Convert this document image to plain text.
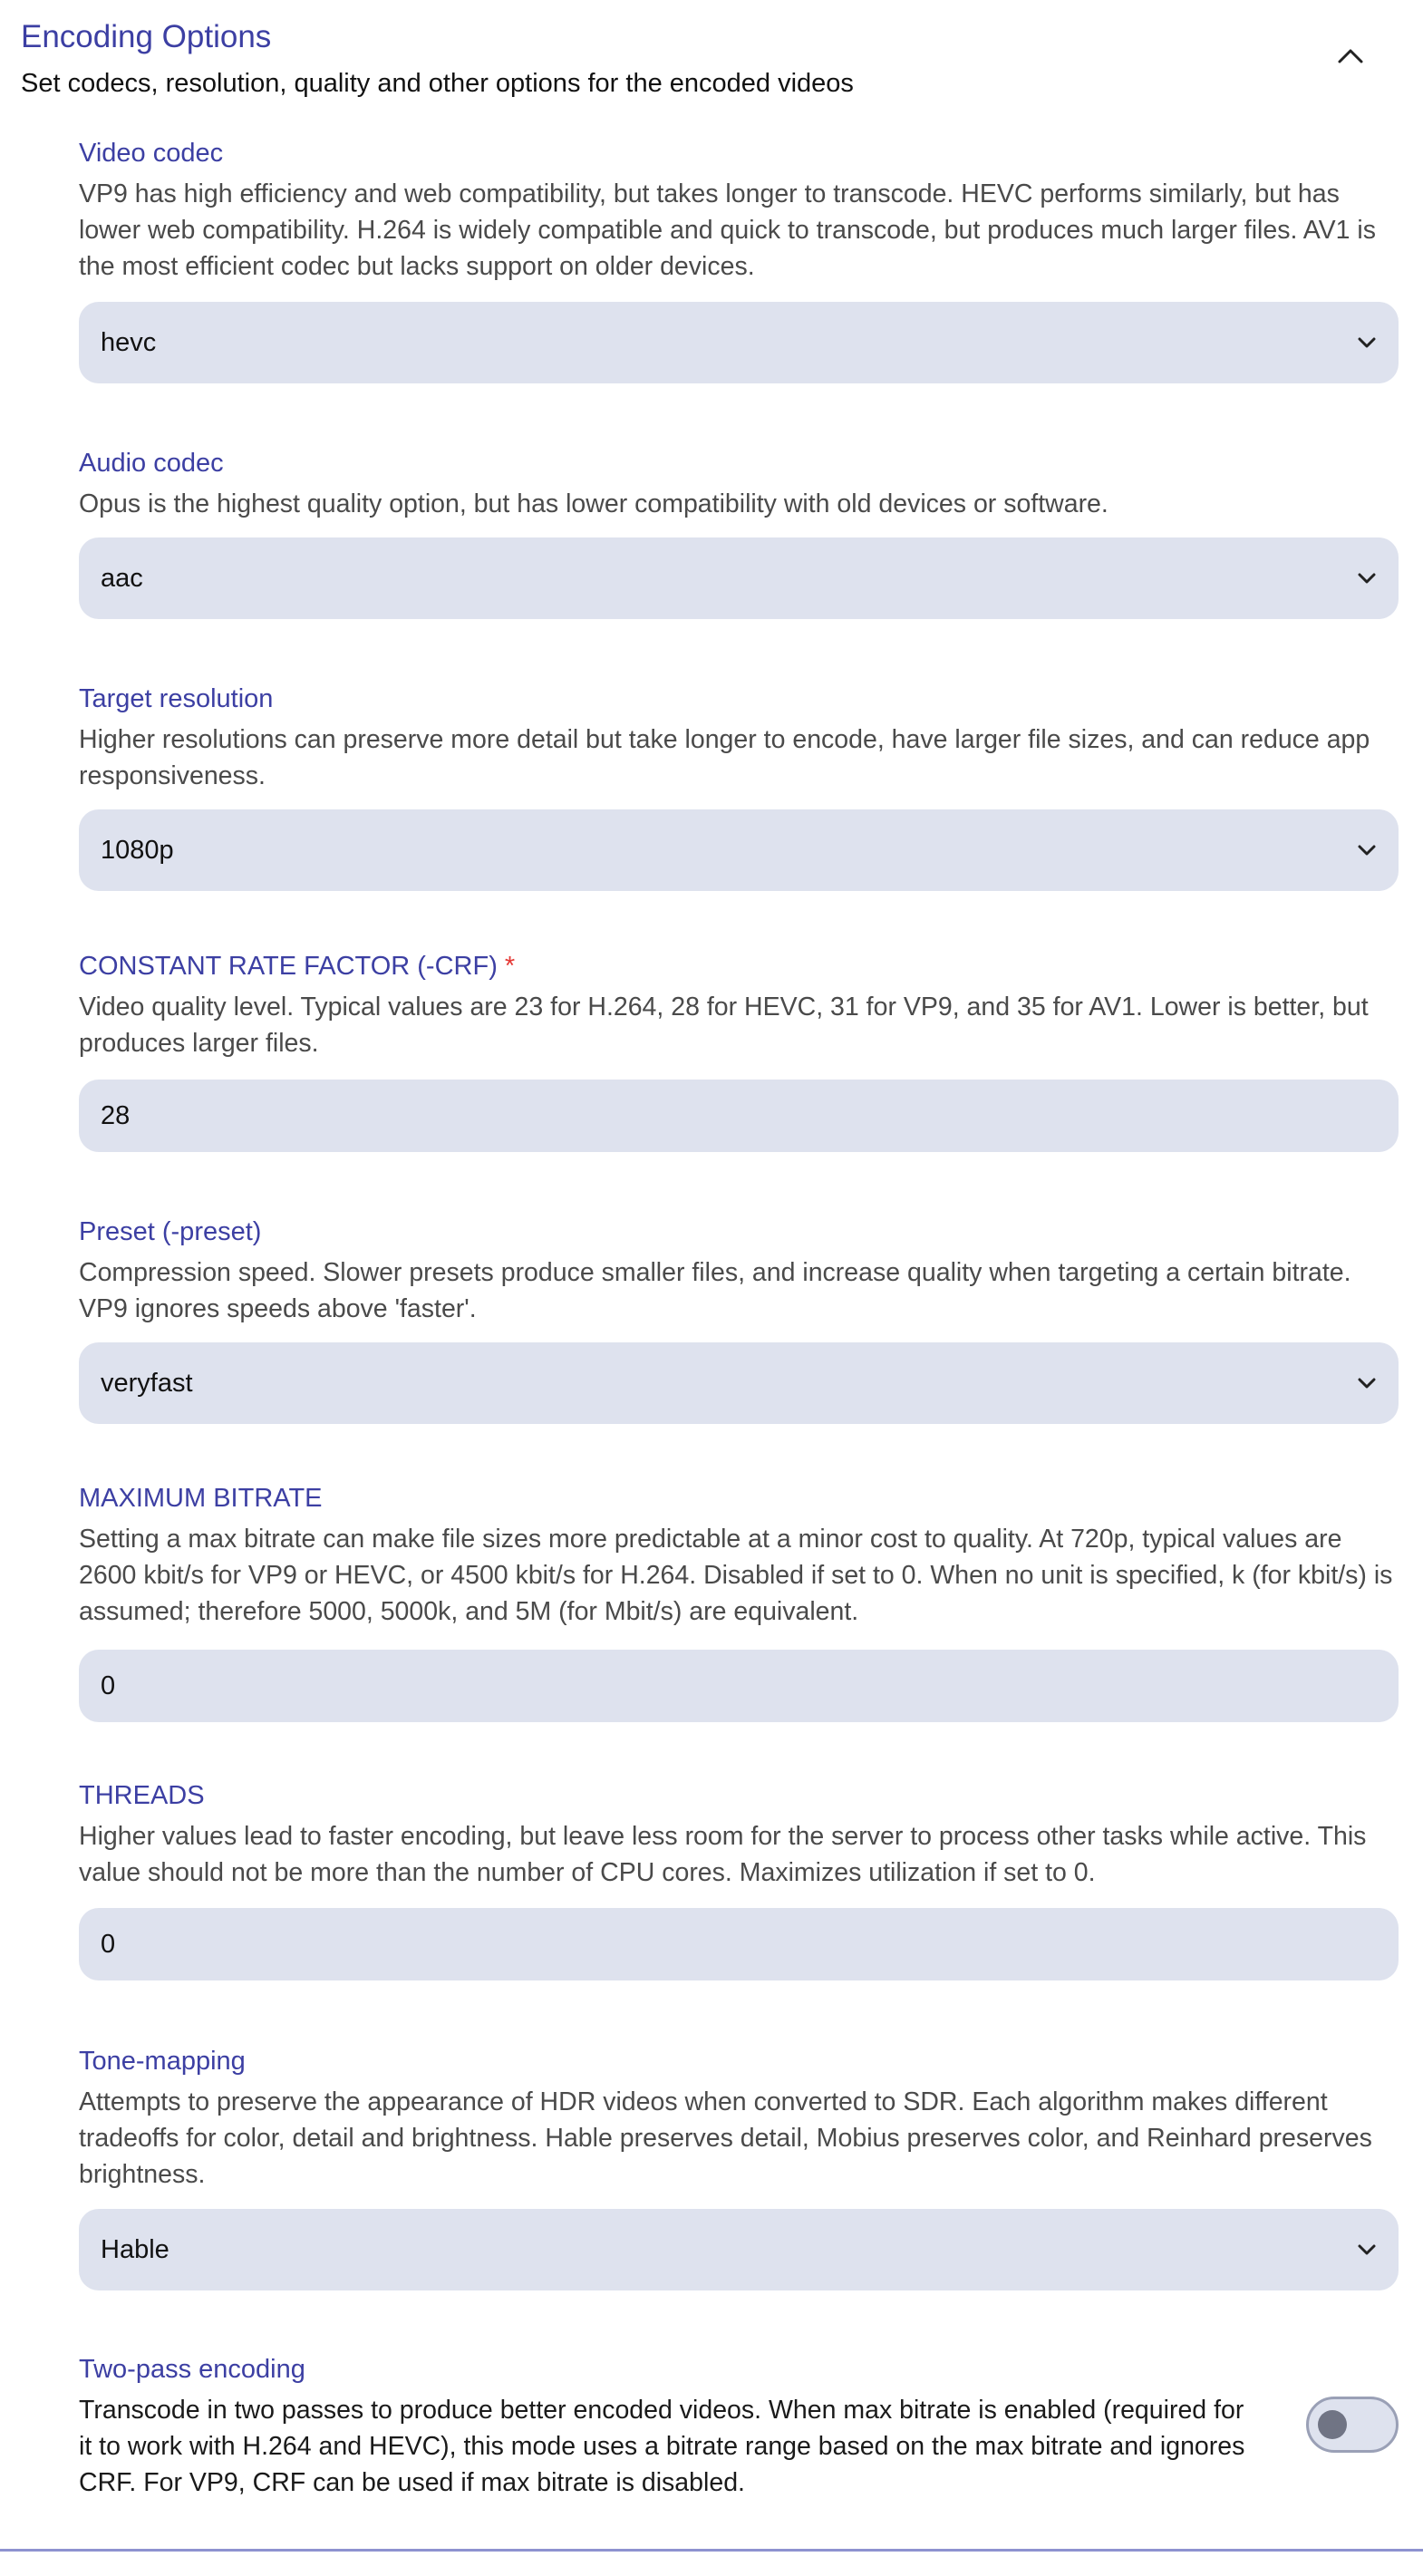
Encoding Options
Set codecs, resolution, quality and other options for the encoded videos
Video codec
VP9 has high efficiency and web compatibility, but takes longer to transcode. HEVC performs similarly, but has lower web compatibility. H.264 is widely compatible and quick to transcode, but produces much larger files. AV1 is the most efficient codec but lacks support on older devices.
hevc
Audio codec
Opus is the highest quality option, but has lower compatibility with old devices or software.
aac
Target resolution
Higher resolutions can preserve more detail but take longer to encode, have larger file sizes, and can reduce app responsiveness.
1080p
CONSTANT RATE FACTOR (-CRF) *
Video quality level. Typical values are 23 for H.264, 28 for HEVC, 31 for VP9, and 35 for AV1. Lower is better, but produces larger files.
28
Preset (-preset)
Compression speed. Slower presets produce smaller files, and increase quality when targeting a certain bitrate. VP9 ignores speeds above 'faster'.
veryfast
MAXIMUM BITRATE
Setting a max bitrate can make file sizes more predictable at a minor cost to quality. At 720p, typical values are 2600 kbit/s for VP9 or HEVC, or 4500 kbit/s for H.264. Disabled if set to 0. When no unit is specified, k (for kbit/s) is assumed; therefore 5000, 5000k, and 5M (for Mbit/s) are equivalent.
0
THREADS
Higher values lead to faster encoding, but leave less room for the server to process other tasks while active. This value should not be more than the number of CPU cores. Maximizes utilization if set to 0.
0
Tone-mapping
Attempts to preserve the appearance of HDR videos when converted to SDR. Each algorithm makes different tradeoffs for color, detail and brightness. Hable preserves detail, Mobius preserves color, and Reinhard preserves brightness.
Hable
Two-pass encoding
Transcode in two passes to produce better encoded videos. When max bitrate is enabled (required for it to work with H.264 and HEVC), this mode uses a bitrate range based on the max bitrate and ignores CRF. For VP9, CRF can be used if max bitrate is disabled.
